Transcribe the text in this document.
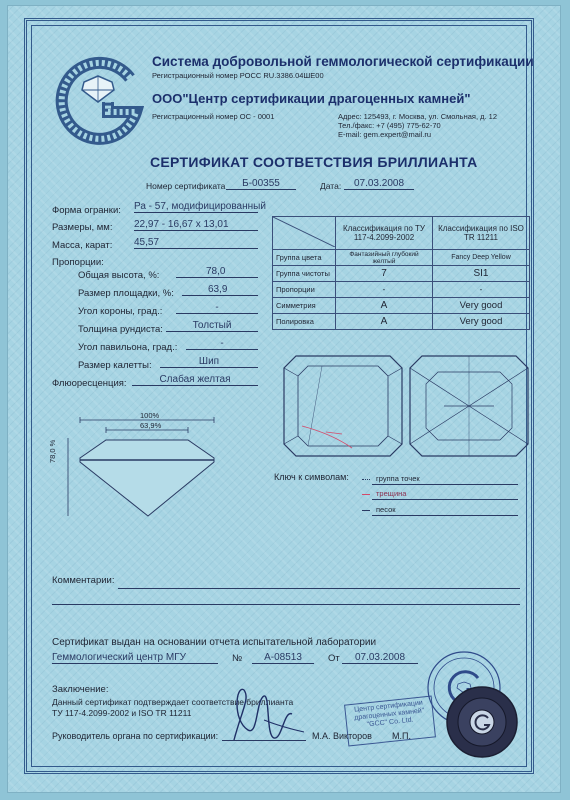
Система добровольной геммологической сертификации
Регистрационный номер РОСС RU.3386.04ШЕ00
ООО"Центр сертификации драгоценных камней"
Регистрационный номер ОС - 0001	Адрес: 125493, г. Москва, ул. Смольная, д. 12
Тел./факс: +7 (495) 775-62-70
E-mail: gem.expert@mail.ru
СЕРТИФИКАТ СООТВЕТСТВИЯ БРИЛЛИАНТА
Номер сертификата	Б-00355	Дата:	07.03.2008
Форма огранки: Ра - 57, модифицированный
Размеры, мм: 22,97 - 16,67 x 13,01
Масса, карат: 45,57
Пропорции:
Общая высота, %:	78,0
Размер площадки, %:	63,9
Угол короны, град.:	-
Толщина рундиста:	Толстый
Угол павильона, град.:	-
Размер калетты:	Шип
Флюоресценция:	Слабая желтая
	Классификация по ТУ 117-4.2099-2002	Классификация по ISO TR 11211
Группа цвета	Фантазийный глубокий желтый	Fancy Deep Yellow
Группа чистоты	7	SI1
Пропорции	-	-
Симметрия	A	Very good
Полировка	A	Very good
100%
63,9%
78,0 %
Ключ к символам:	группа точек
трещина
песок
Комментарии:
Сертификат выдан на основании отчета испытательной лаборатории
Геммологический центр МГУ	№	А-08513	От	07.03.2008
Заключение:
Данный сертификат подтверждает соответствие бриллианта
ТУ 117-4.2099-2002 и ISO TR 11211
Руководитель органа по сертификации:	М.А. Викторов М.П.
Центр сертификации драгоценных камней" "GCC" Co. Ltd.
